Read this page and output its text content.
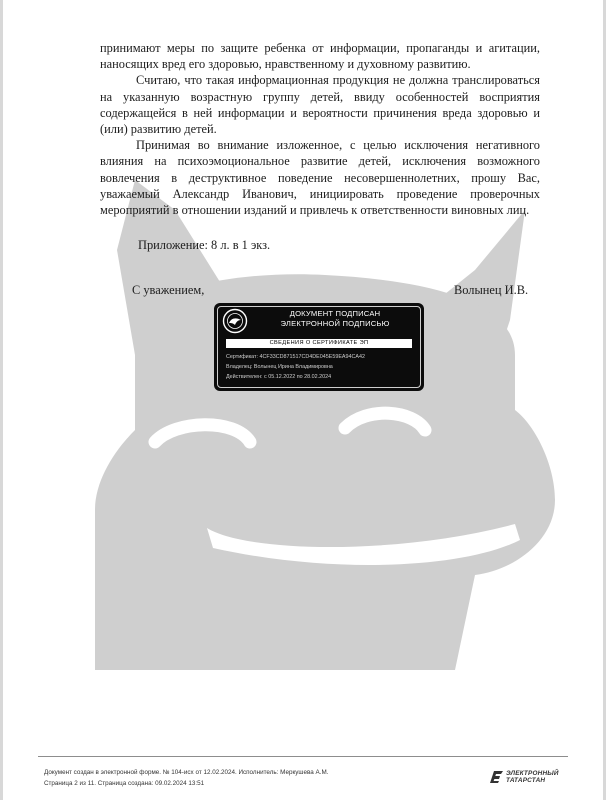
принимают меры по защите ребенка от информации, пропаганды и агитации, наносящих вред его здоровью, нравственному и духовному развитию.

Считаю, что такая информационная продукция не должна транслироваться на указанную возрастную группу детей, ввиду особенностей восприятия содержащейся в ней информации и вероятности причинения вреда здоровью и (или) развитию детей.

Принимая во внимание изложенное, с целью исключения негативного влияния на психоэмоциональное развитие детей, исключения возможного вовлечения в деструктивное поведение несовершеннолетних, прошу Вас, уважаемый Александр Иванович, инициировать проведение проверочных мероприятий в отношении изданий и привлечь к ответственности виновных лиц.

Приложение: 8 л. в 1 экз.
С уважением,	Волынец И.В.
ДОКУМЕНТ ПОДПИСАН
ЭЛЕКТРОННОЙ ПОДПИСЬЮ
СВЕДЕНИЯ О СЕРТИФИКАТЕ ЭП
Сертификат: 4CF33CD871517CD4DE045E59EA94CA42
Владелец: Волынец Ирина Владимировна
Действителен: с 05.12.2022 по 28.02.2024
Документ создан в электронной форме. № 104-исх от 12.02.2024. Исполнитель: Меркушева А.М.
Страница 2 из 11. Страница создана: 09.02.2024 13:51
ЭЛЕКТРОННЫЙ
ТАТАРСТАН
